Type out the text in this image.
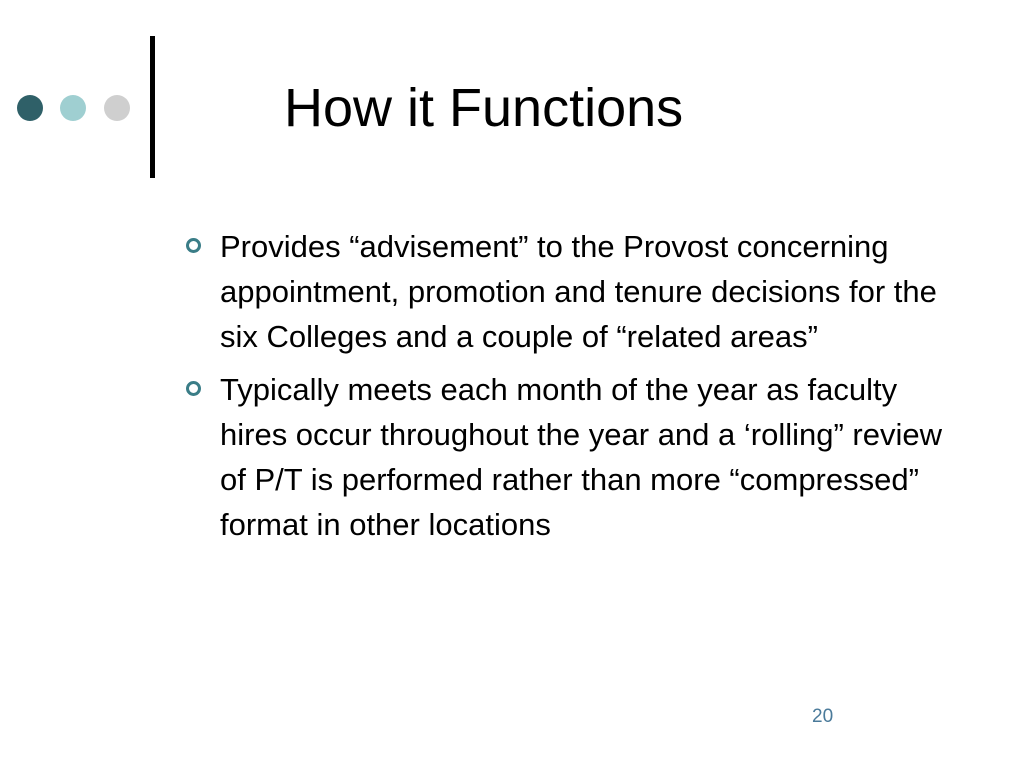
How it Functions
Provides “advisement” to the Provost concerning appointment, promotion and tenure decisions for the six Colleges and a couple of “related areas”
Typically meets each month of the year as faculty hires occur throughout the year and a ‘rolling” review of P/T is performed rather than more “compressed” format in other locations
20
